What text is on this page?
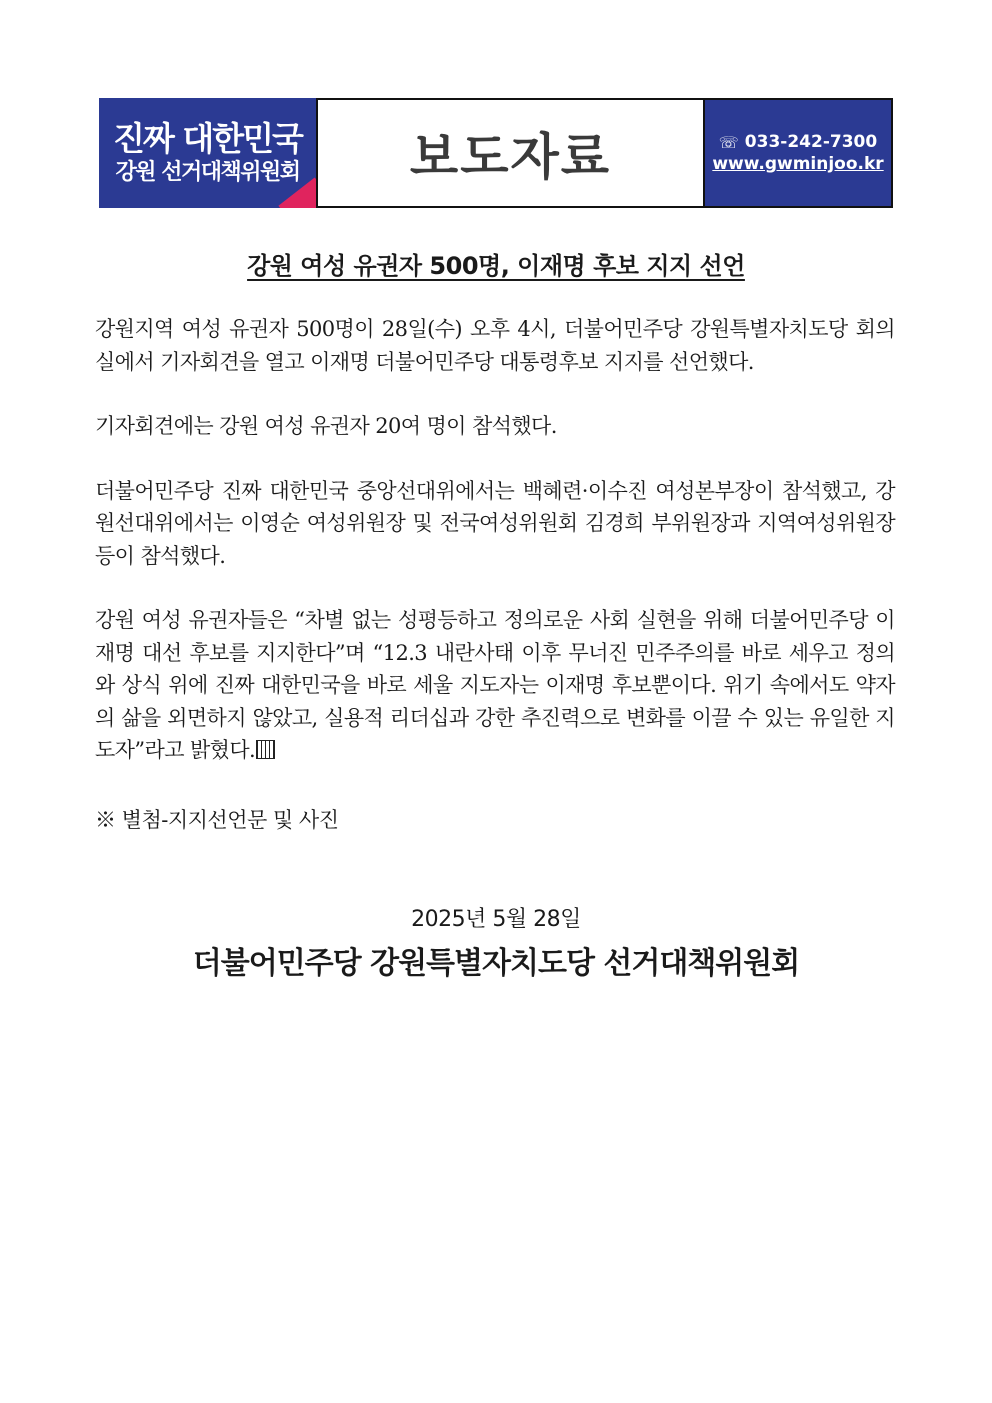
진짜 대한민국
강원 선거대책위원회	보도자료	☏ 033-242-7300
www.gwminjoo.kr
강원 여성 유권자 500명, 이재명 후보 지지 선언

강원지역 여성 유권자 500명이 28일(수) 오후 4시, 더불어민주당 강원특별자치도당 회의실에서 기자회견을 열고 이재명 더불어민주당 대통령후보 지지를 선언했다.

기자회견에는 강원 여성 유권자 20여 명이 참석했다.

더불어민주당 진짜 대한민국 중앙선대위에서는 백혜련·이수진 여성본부장이 참석했고, 강원선대위에서는 이영순 여성위원장 및 전국여성위원회 김경희 부위원장과 지역여성위원장 등이 참석했다.

강원 여성 유권자들은 “차별 없는 성평등하고 정의로운 사회 실현을 위해 더불어민주당 이재명 대선 후보를 지지한다”며 “12.3 내란사태 이후 무너진 민주주의를 바로 세우고 정의와 상식 위에 진짜 대한민국을 바로 세울 지도자는 이재명 후보뿐이다. 위기 속에서도 약자의 삶을 외면하지 않았고, 실용적 리더십과 강한 추진력으로 변화를 이끌 수 있는 유일한 지도자”라고 밝혔다.

※ 별첨-지지선언문 및 사진
2025년 5월 28일
더불어민주당 강원특별자치도당 선거대책위원회
